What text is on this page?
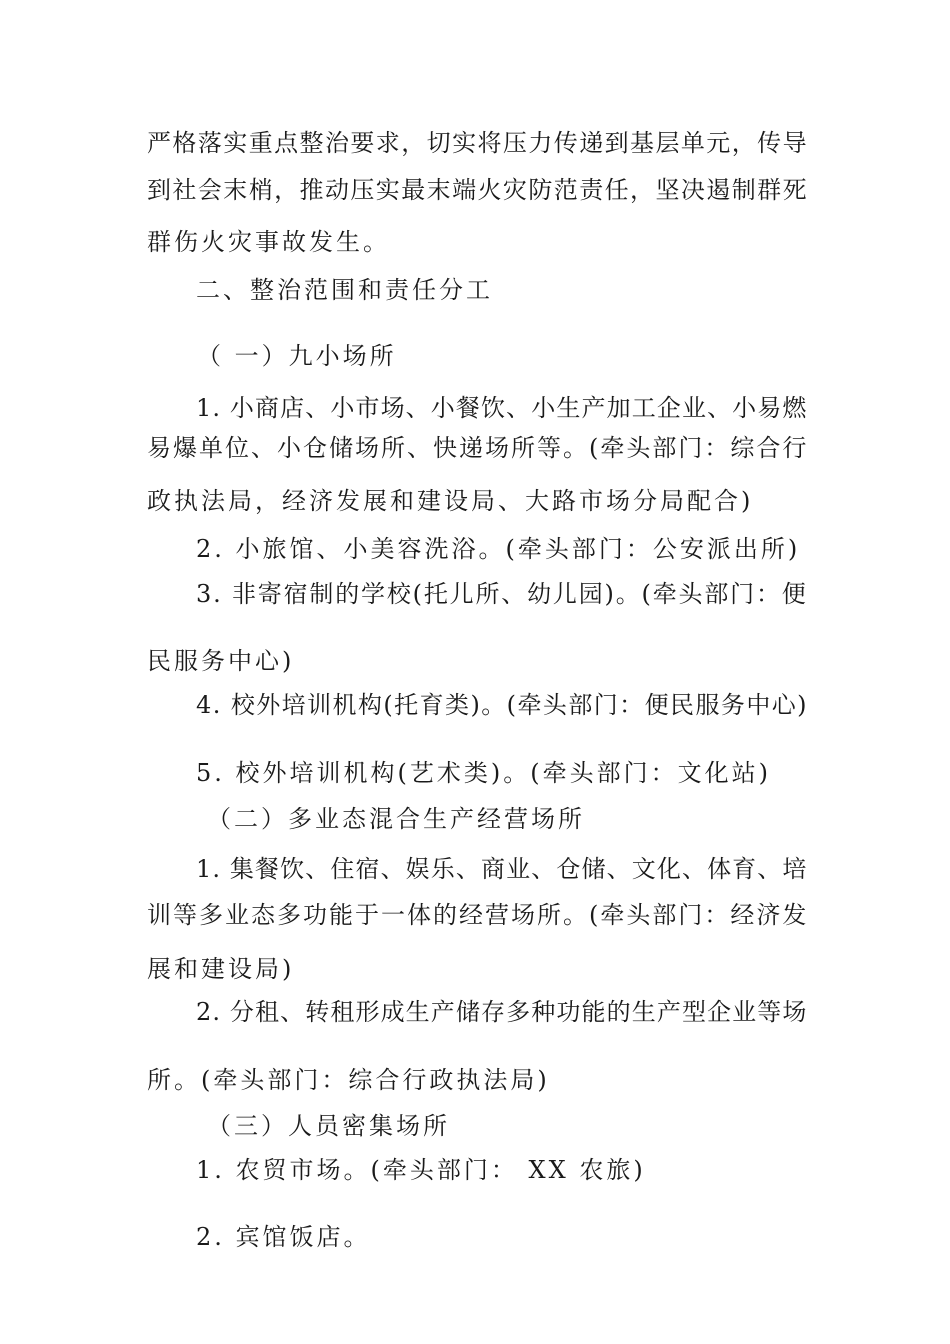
严格落实重点整治要求，切实将压力传递到基层单元，传导
到社会末梢，推动压实最末端火灾防范责任，坚决遏制群死
群伤火灾事故发生。
二、整治范围和责任分工
（ 一）九小场所
1. 小商店、小市场、小餐饮、小生产加工企业、小易燃
易爆单位、小仓储场所、快递场所等。(牵头部门：综合行
政执法局，经济发展和建设局、大路市场分局配合)
2. 小旅馆、小美容洗浴。(牵头部门：公安派出所)
3. 非寄宿制的学校(托儿所、幼儿园)。(牵头部门：便
民服务中心)
4. 校外培训机构(托育类)。(牵头部门：便民服务中心)
5. 校外培训机构(艺术类)。(牵头部门：文化站)
（二）多业态混合生产经营场所
1. 集餐饮、住宿、娱乐、商业、仓储、文化、体育、培
训等多业态多功能于一体的经营场所。(牵头部门：经济发
展和建设局)
2. 分租、转租形成生产储存多种功能的生产型企业等场
所。(牵头部门：综合行政执法局)
（三）人员密集场所
1. 农贸市场。(牵头部门： XX 农旅)
2. 宾馆饭店。
